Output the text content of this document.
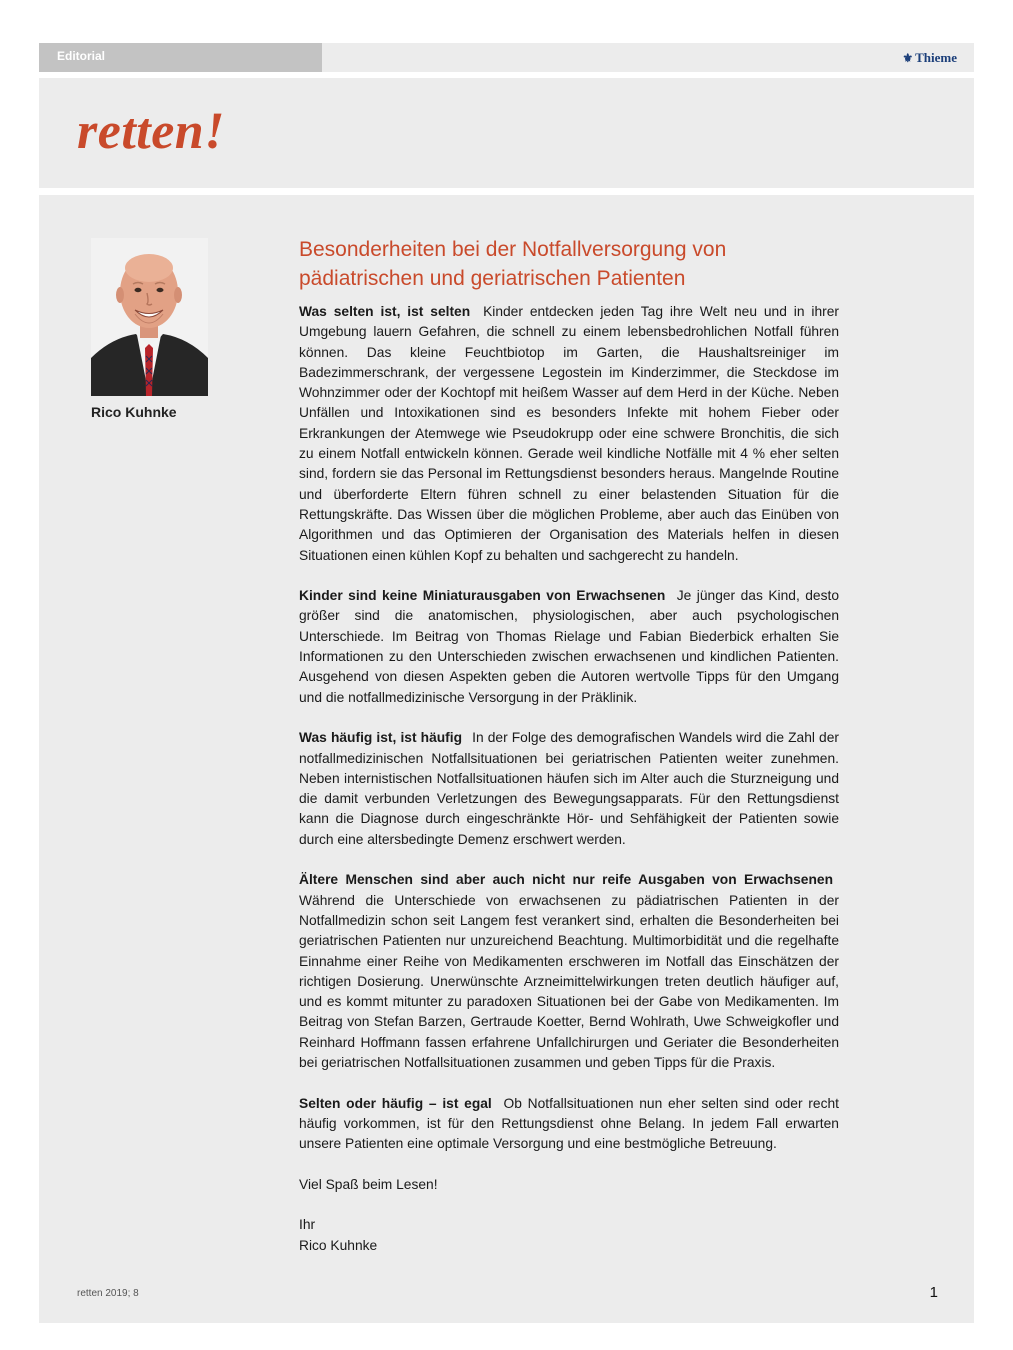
Editorial	⚜ Thieme
retten!
Rico Kuhnke
Besonderheiten bei der Notfallversorgung von pädiatrischen und geriatrischen Patienten

Was selten ist, ist selten Kinder entdecken jeden Tag ihre Welt neu und in ihrer Umgebung lauern Gefahren, die schnell zu einem lebensbedrohlichen Notfall führen können. Das kleine Feuchtbiotop im Garten, die Haushaltsreiniger im Badezimmerschrank, der vergessene Legostein im Kinderzimmer, die Steckdose im Wohnzimmer oder der Kochtopf mit heißem Wasser auf dem Herd in der Küche. Neben Unfällen und Intoxikationen sind es besonders Infekte mit hohem Fieber oder Erkrankungen der Atemwege wie Pseudokrupp oder eine schwere Bronchitis, die sich zu einem Notfall entwickeln können. Gerade weil kindliche Notfälle mit 4 % eher selten sind, fordern sie das Personal im Rettungsdienst besonders heraus. Mangelnde Routine und überforderte Eltern führen schnell zu einer belastenden Situation für die Rettungskräfte. Das Wissen über die möglichen Probleme, aber auch das Einüben von Algorithmen und das Optimieren der Organisation des Materials helfen in diesen Situationen einen kühlen Kopf zu behalten und sachgerecht zu handeln.

Kinder sind keine Miniaturausgaben von Erwachsenen Je jünger das Kind, desto größer sind die anatomischen, physiologischen, aber auch psychologischen Unterschiede. Im Beitrag von Thomas Rielage und Fabian Biederbick erhalten Sie Informationen zu den Unterschieden zwischen erwachsenen und kindlichen Patienten. Ausgehend von diesen Aspekten geben die Autoren wertvolle Tipps für den Umgang und die notfallmedizinische Versorgung in der Präklinik.

Was häufig ist, ist häufig In der Folge des demografischen Wandels wird die Zahl der notfallmedizinischen Notfallsituationen bei geriatrischen Patienten weiter zunehmen. Neben internistischen Notfallsituationen häufen sich im Alter auch die Sturzneigung und die damit verbunden Verletzungen des Bewegungsapparats. Für den Rettungsdienst kann die Diagnose durch eingeschränkte Hör- und Sehfähigkeit der Patienten sowie durch eine altersbedingte Demenz erschwert werden.

Ältere Menschen sind aber auch nicht nur reife Ausgaben von Erwachsenen Während die Unterschiede von erwachsenen zu pädiatrischen Patienten in der Notfallmedizin schon seit Langem fest verankert sind, erhalten die Besonderheiten bei geriatrischen Patienten nur unzureichend Beachtung. Multimorbidität und die regelhafte Einnahme einer Reihe von Medikamenten erschweren im Notfall das Einschätzen der richtigen Dosierung. Unerwünschte Arzneimittelwirkungen treten deutlich häufiger auf, und es kommt mitunter zu paradoxen Situationen bei der Gabe von Medikamenten. Im Beitrag von Stefan Barzen, Gertraude Koetter, Bernd Wohlrath, Uwe Schweigkofler und Reinhard Hoffmann fassen erfahrene Unfallchirurgen und Geriater die Besonderheiten bei geriatrischen Notfallsituationen zusammen und geben Tipps für die Praxis.

Selten oder häufig – ist egal Ob Notfallsituationen nun eher selten sind oder recht häufig vorkommen, ist für den Rettungsdienst ohne Belang. In jedem Fall erwarten unsere Patienten eine optimale Versorgung und eine bestmögliche Betreuung.

Viel Spaß beim Lesen!

Ihr
Rico Kuhnke

retten 2019; 8	1
